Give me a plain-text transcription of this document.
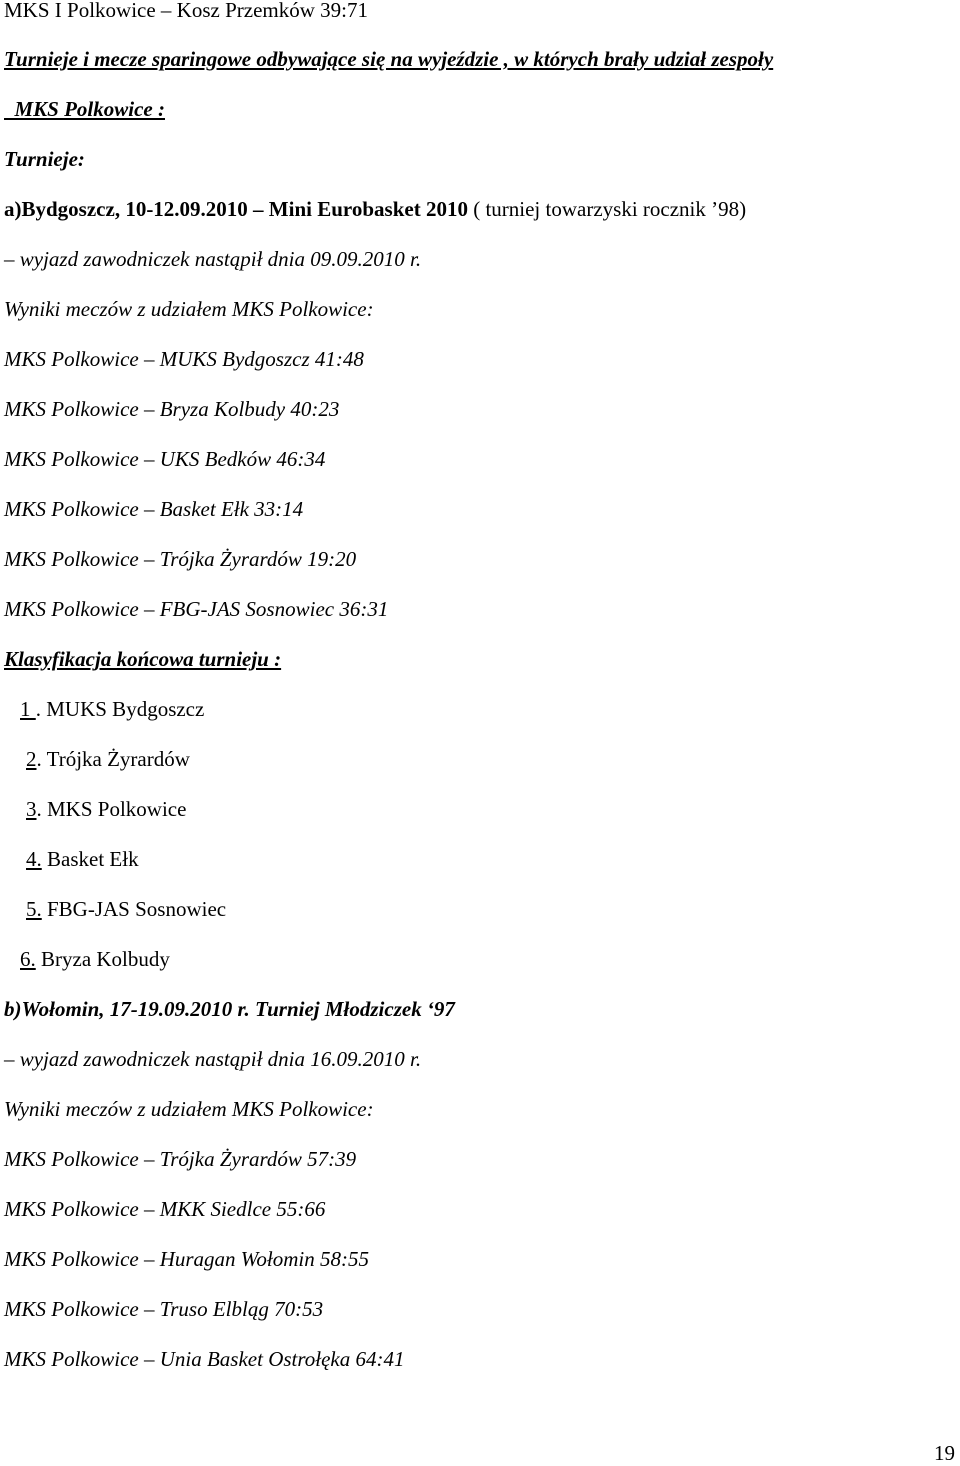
MKS I Polkowice – Kosz Przemków 39:71
Turnieje i mecze sparingowe odbywające się na wyjeździe , w których brały udział zespoły
MKS Polkowice :
Turnieje:
a)Bydgoszcz, 10-12.09.2010 – Mini Eurobasket 2010 ( turniej towarzyski rocznik ’98)
– wyjazd zawodniczek nastąpił dnia 09.09.2010 r.
Wyniki meczów z udziałem MKS Polkowice:
MKS Polkowice – MUKS Bydgoszcz 41:48
MKS Polkowice – Bryza Kolbudy 40:23
MKS Polkowice – UKS Bedków 46:34
MKS Polkowice – Basket Ełk 33:14
MKS Polkowice – Trójka Żyrardów 19:20
MKS Polkowice – FBG-JAS Sosnowiec 36:31
Klasyfikacja końcowa turnieju :
1 . MUKS Bydgoszcz
2. Trójka Żyrardów
3. MKS Polkowice
4. Basket Ełk
5. FBG-JAS Sosnowiec
6. Bryza Kolbudy
b)Wołomin, 17-19.09.2010 r. Turniej Młodziczek ‘97
– wyjazd zawodniczek nastąpił dnia 16.09.2010 r.
Wyniki meczów z udziałem MKS Polkowice:
MKS Polkowice – Trójka Żyrardów 57:39
MKS Polkowice – MKK Siedlce 55:66
MKS Polkowice – Huragan Wołomin 58:55
MKS Polkowice – Truso Elbląg 70:53
MKS Polkowice – Unia Basket Ostrołęka 64:41
19
